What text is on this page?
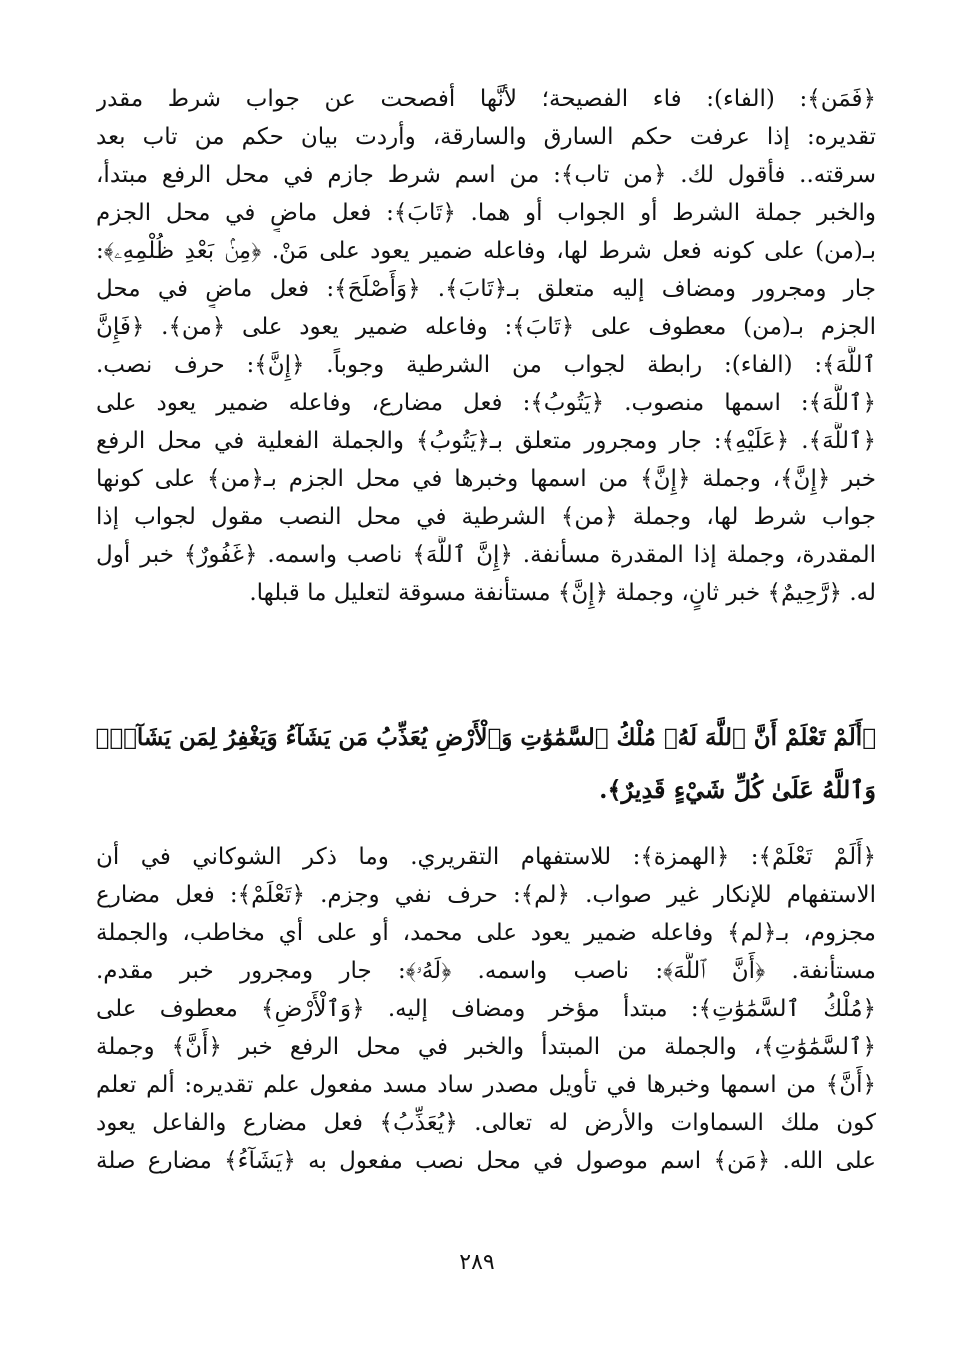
﴿فَمَن﴾: (الفاء): فاء الفصيحة؛ لأنَّها أفصحت عن جواب شرط مقدر
تقديره: إذا عرفت حكم السارق والسارقة، وأردت بيان حكم من تاب بعد
سرقته.. فأقول لك. ﴿من تاب﴾: من اسم شرط جازم في محل الرفع مبتدأ،
والخبر جملة الشرط أو الجواب أو هما. ﴿تَابَ﴾: فعل ماضٍ في محل الجزم
بـ(من) على كونه فعل شرط لها، وفاعله ضمير يعود على مَنْ. ﴿مِنۢ بَعْدِ ظُلْمِهِۦ﴾:
جار ومجرور ومضاف إليه متعلق بـ﴿تَابَ﴾. ﴿وَأَصْلَحَ﴾: فعل ماضٍ في محل
الجزم بـ(من) معطوف على ﴿تَابَ﴾: وفاعله ضمير يعود على ﴿من﴾. ﴿فَإِنَّ
ٱللَّهَ﴾: (الفاء): رابطة لجواب من الشرطية وجوباً. ﴿إِنَّ﴾: حرف نصب.
﴿ٱللَّهَ﴾: اسمها منصوب. ﴿يَتُوبُ﴾: فعل مضارع، وفاعله ضمير يعود على
﴿ٱللَّهَ﴾. ﴿عَلَيْهِ﴾: جار ومجرور متعلق بـ﴿يَتُوبُ﴾ والجملة الفعلية في محل الرفع
خبر ﴿إِنَّ﴾، وجملة ﴿إِنَّ﴾ من اسمها وخبرها في محل الجزم بـ﴿من﴾ على كونها
جواب شرط لها، وجملة ﴿من﴾ الشرطية في محل النصب مقول لجواب إذا
المقدرة، وجملة إذا المقدرة مسأنفة. ﴿إِنَّ ٱللَّهَ﴾ ناصب واسمه. ﴿غَفُورٌ﴾ خبر أول
له. ﴿رَّحِيمٌ﴾ خبر ثانٍ، وجملة ﴿إِنَّ﴾ مستأنفة مسوقة لتعليل ما قبلها.
﴿أَلَمْ تَعْلَمْ أَنَّ ٱللَّهَ لَهُۥ مُلْكُ ٱلسَّمَٰوَٰتِ وَٱلْأَرْضِ يُعَذِّبُ مَن يَشَآءُ وَيَغْفِرُ لِمَن يَشَآءُۗ
وَٱللَّهُ عَلَىٰ كُلِّ شَيْءٍ قَدِيرٌ﴾.
﴿أَلَمْ تَعْلَمْ﴾: ﴿الهمزة﴾: للاستفهام التقريري. وما ذكر الشوكاني في أن
الاستفهام للإنكار غير صواب. ﴿لم﴾: حرف نفي وجزم. ﴿تَعْلَمْ﴾: فعل مضارع
مجزوم، بـ﴿لم﴾ وفاعله ضمير يعود على محمد، أو على أي مخاطب، والجملة
مستأنفة. ﴿أَنَّ ٱللَّهَ﴾: ناصب واسمه. ﴿لَهُۥ﴾: جار ومجرور خبر مقدم.
﴿مُلْكُ ٱلسَّمَٰوَٰتِ﴾: مبتدأ مؤخر ومضاف إليه. ﴿وَٱلْأَرْضِ﴾ معطوف على
﴿ٱلسَّمَٰوَٰتِ﴾، والجملة من المبتدأ والخبر في محل الرفع خبر ﴿أَنَّ﴾ وجملة
﴿أَنَّ﴾ من اسمها وخبرها في تأويل مصدر ساد مسد مفعول علم تقديره: ألم تعلم
كون ملك السماوات والأرض له تعالى. ﴿يُعَذِّبُ﴾ فعل مضارع والفاعل يعود
على الله. ﴿مَن﴾ اسم موصول في محل نصب مفعول به ﴿يَشَآءُ﴾ مضارع صلة
٢٨٩
